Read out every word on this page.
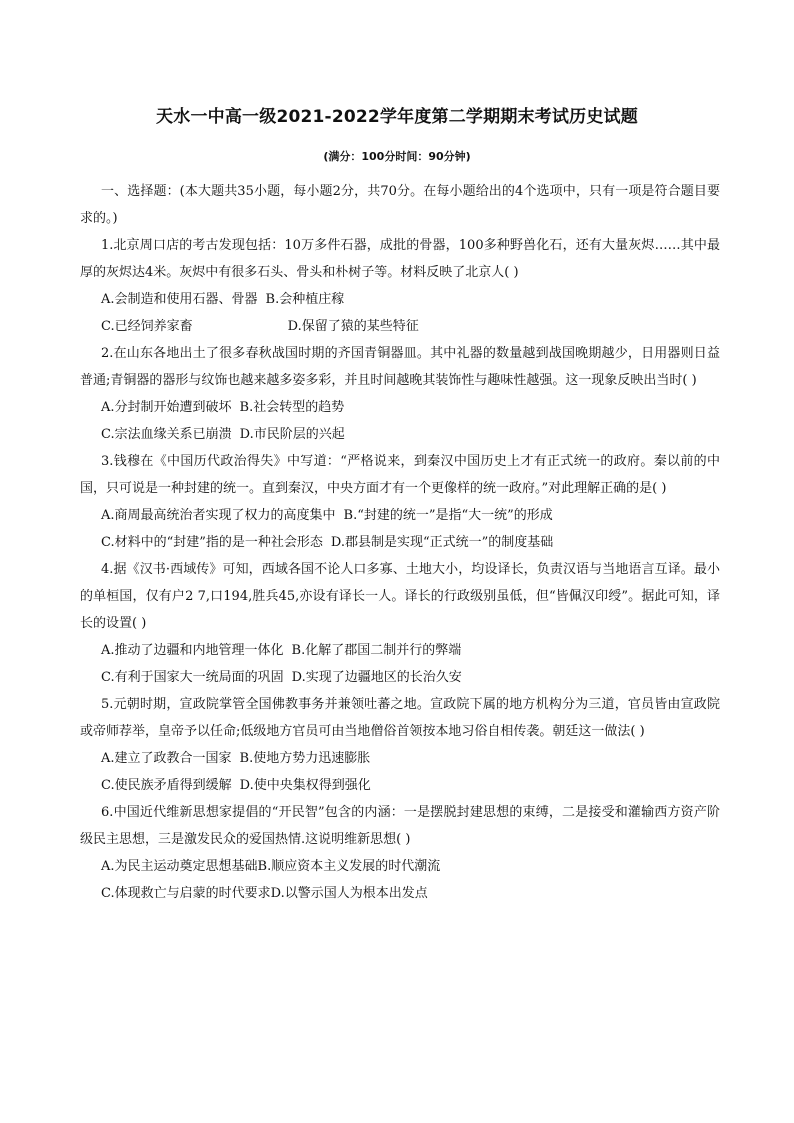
天水一中高一级2021-2022学年度第二学期期末考试历史试题
(满分：100分时间：90分钟)

一、选择题：(本大题共35小题，每小题2分，共70分。在每小题给出的4个选项中，只有一项是符合题目要求的。)

1.北京周口店的考古发现包括：10万多件石器，成批的骨器，100多种野兽化石，还有大量灰烬……其中最厚的灰烬达4米。灰烬中有很多石头、骨头和朴树子等。材料反映了北京人( )

A.会制造和使用石器、骨器 B.会种植庄稼

C.已经饲养家畜	D.保留了猿的某些特征

2.在山东各地出土了很多春秋战国时期的齐国青铜器皿。其中礼器的数量越到战国晚期越少，日用器则日益普通;青铜器的器形与纹饰也越来越多姿多彩，并且时间越晚其装饰性与趣味性越强。这一现象反映出当时( )

A.分封制开始遭到破坏 B.社会转型的趋势

C.宗法血缘关系已崩溃 D.市民阶层的兴起

3.钱穆在《中国历代政治得失》中写道：“严格说来，到秦汉中国历史上才有正式统一的政府。秦以前的中国，只可说是一种封建的统一。直到秦汉，中央方面才有一个更像样的统一政府。”对此理解正确的是( )

A.商周最高统治者实现了权力的高度集中 B.“封建的统一”是指“大一统”的形成

C.材料中的“封建”指的是一种社会形态 D.郡县制是实现“正式统一”的制度基础

4.据《汉书·西域传》可知，西域各国不论人口多寡、土地大小，均设译长，负责汉语与当地语言互译。最小的单桓国，仅有户2 7,口194,胜兵45,亦设有译长一人。译长的行政级别虽低，但“皆佩汉印绶”。据此可知，译长的设置( )

A.推动了边疆和内地管理一体化 B.化解了郡国二制并行的弊端

C.有利于国家大一统局面的巩固 D.实现了边疆地区的长治久安

5.元朝时期，宣政院掌管全国佛教事务并兼领吐蕃之地。宣政院下属的地方机构分为三道，官员皆由宣政院或帝师荐举，皇帝予以任命;低级地方官员可由当地僧俗首领按本地习俗自相传袭。朝廷这一做法( )

A.建立了政教合一国家 B.使地方势力迅速膨胀

C.使民族矛盾得到缓解 D.使中央集权得到强化

6.中国近代维新思想家提倡的“开民智”包含的内涵：一是摆脱封建思想的束缚，二是接受和灌输西方资产阶级民主思想，三是激发民众的爱国热情.这说明维新思想( )

A.为民主运动奠定思想基础B.顺应资本主义发展的时代潮流

C.体现救亡与启蒙的时代要求D.以警示国人为根本出发点
